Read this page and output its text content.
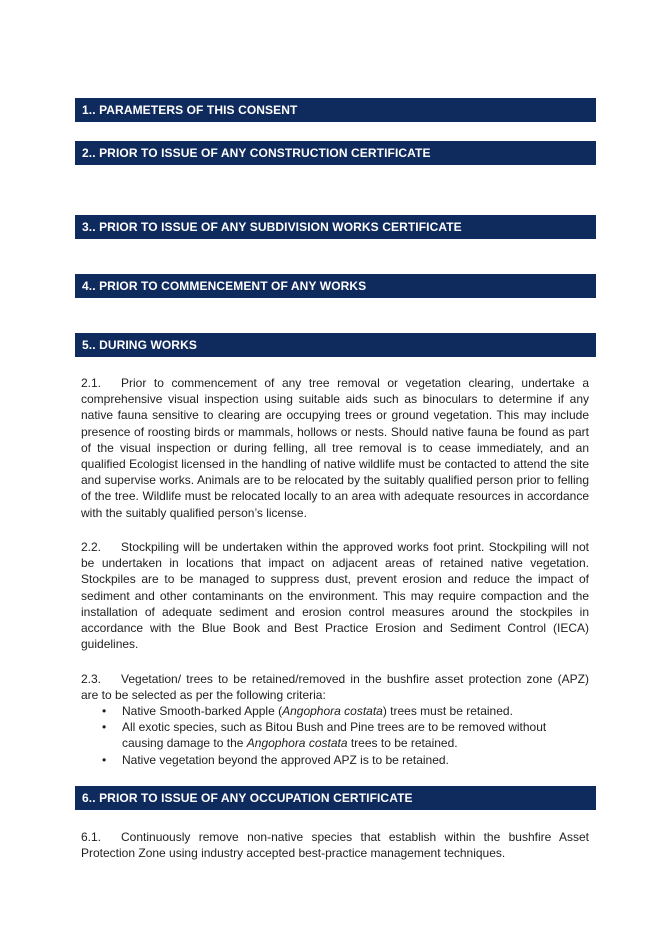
1.. PARAMETERS OF THIS CONSENT
2.. PRIOR TO ISSUE OF ANY CONSTRUCTION CERTIFICATE
3.. PRIOR TO ISSUE OF ANY SUBDIVISION WORKS CERTIFICATE
4.. PRIOR TO COMMENCEMENT OF ANY WORKS
5.. DURING WORKS
2.1. Prior to commencement of any tree removal or vegetation clearing, undertake a comprehensive visual inspection using suitable aids such as binoculars to determine if any native fauna sensitive to clearing are occupying trees or ground vegetation. This may include presence of roosting birds or mammals, hollows or nests. Should native fauna be found as part of the visual inspection or during felling, all tree removal is to cease immediately, and an qualified Ecologist licensed in the handling of native wildlife must be contacted to attend the site and supervise works. Animals are to be relocated by the suitably qualified person prior to felling of the tree. Wildlife must be relocated locally to an area with adequate resources in accordance with the suitably qualified person’s license.
2.2. Stockpiling will be undertaken within the approved works foot print. Stockpiling will not be undertaken in locations that impact on adjacent areas of retained native vegetation. Stockpiles are to be managed to suppress dust, prevent erosion and reduce the impact of sediment and other contaminants on the environment. This may require compaction and the installation of adequate sediment and erosion control measures around the stockpiles in accordance with the Blue Book and Best Practice Erosion and Sediment Control (IECA) guidelines.
2.3. Vegetation/ trees to be retained/removed in the bushfire asset protection zone (APZ) are to be selected as per the following criteria:
• Native Smooth-barked Apple (Angophora costata) trees must be retained.
• All exotic species, such as Bitou Bush and Pine trees are to be removed without causing damage to the Angophora costata trees to be retained.
• Native vegetation beyond the approved APZ is to be retained.
6.. PRIOR TO ISSUE OF ANY OCCUPATION CERTIFICATE
6.1. Continuously remove non-native species that establish within the bushfire Asset Protection Zone using industry accepted best-practice management techniques.
